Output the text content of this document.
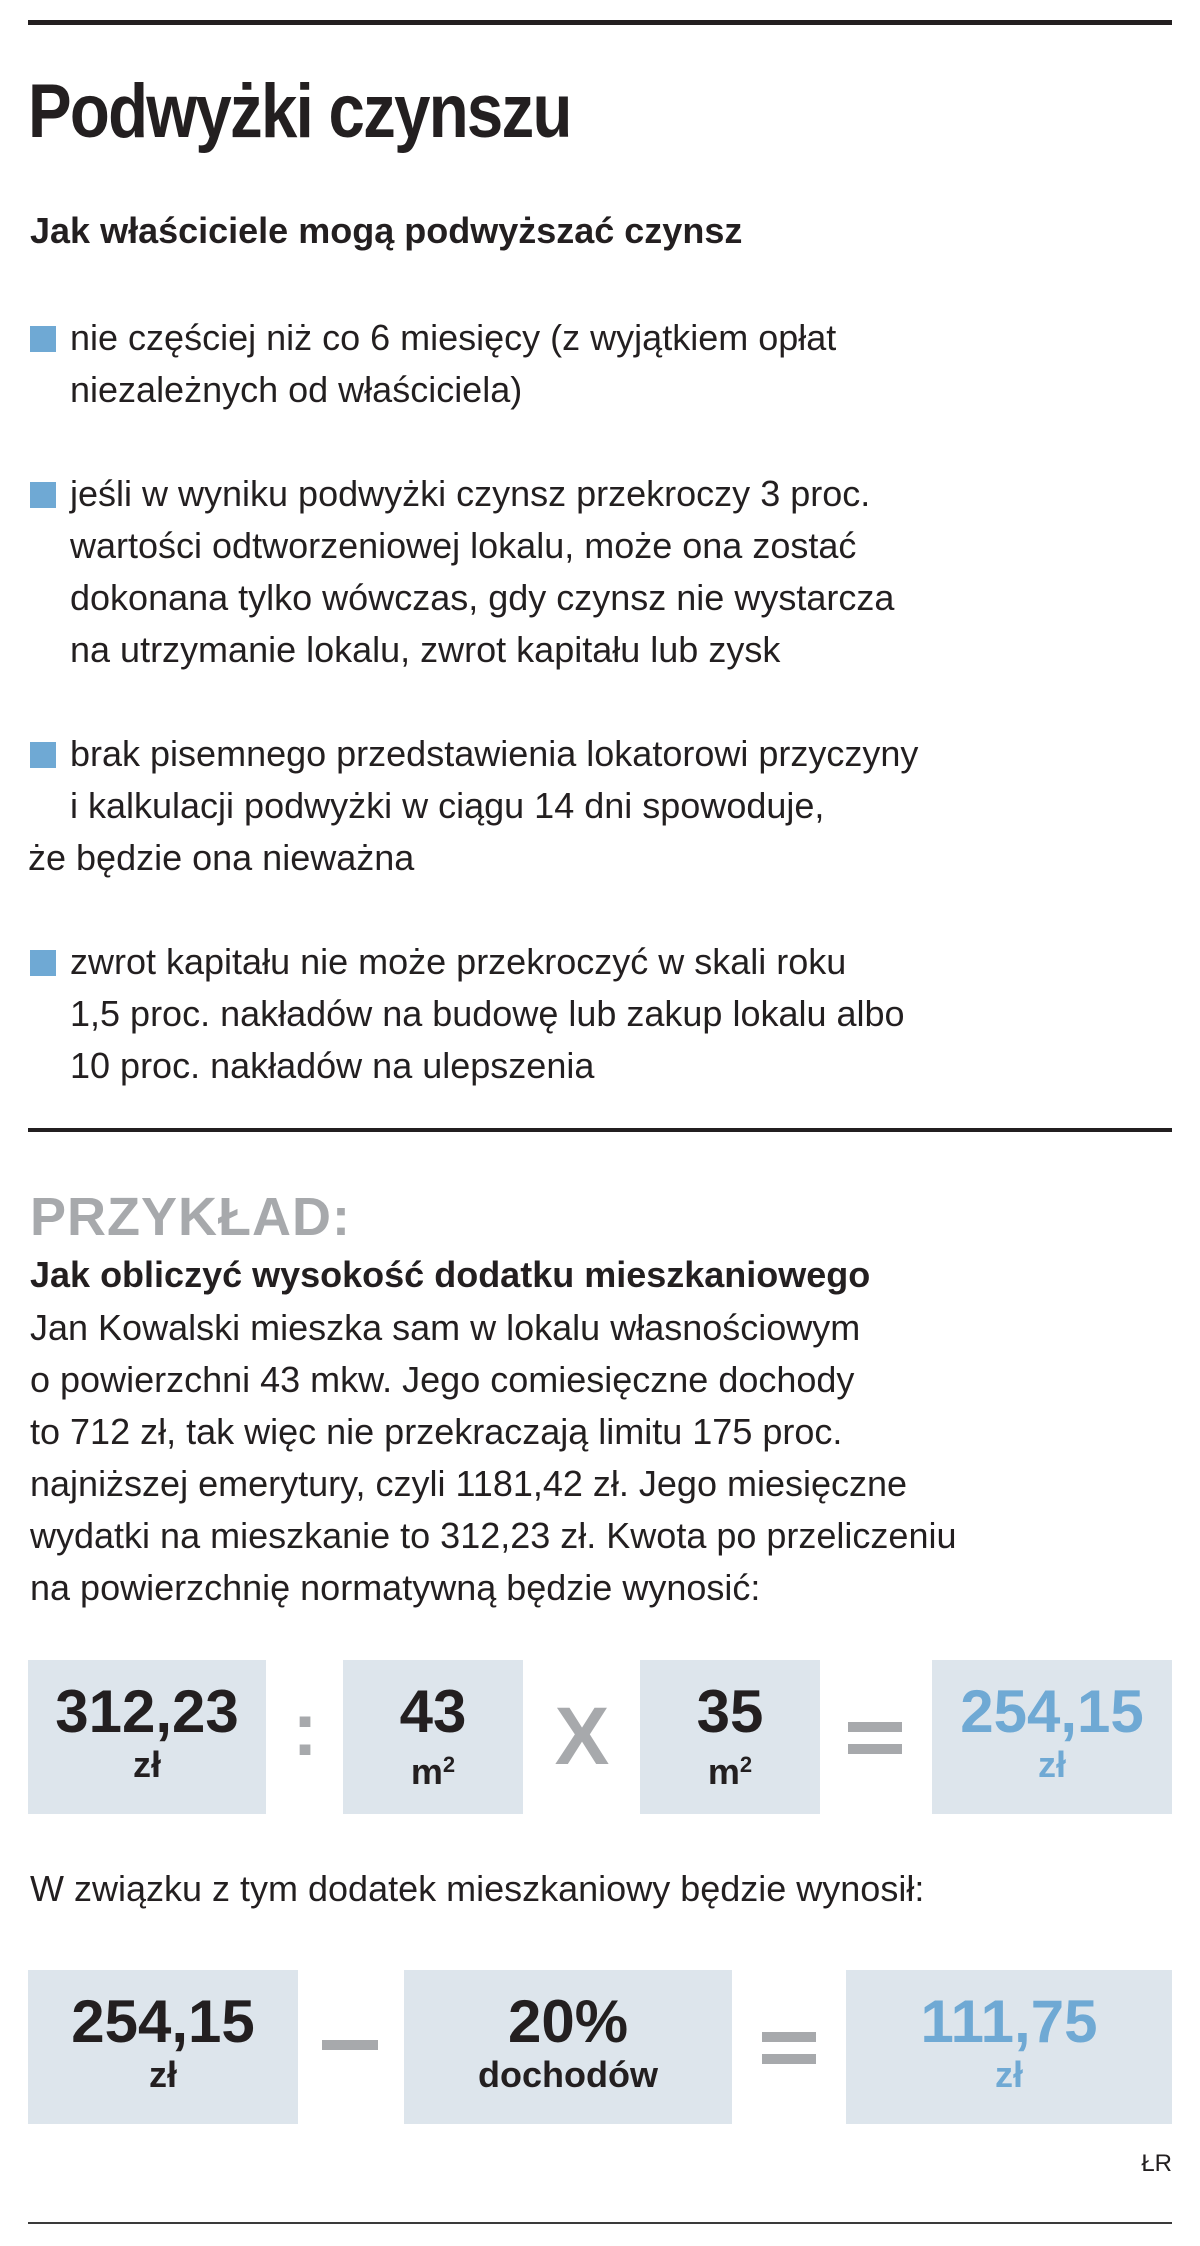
Podwyżki czynszu
Jak właściciele mogą podwyższać czynsz
nie częściej niż co 6 miesięcy (z wyjątkiem opłat
niezależnych od właściciela)
jeśli w wyniku podwyżki czynsz przekroczy 3 proc.
wartości odtworzeniowej lokalu, może ona zostać
dokonana tylko wówczas, gdy czynsz nie wystarcza
na utrzymanie lokalu, zwrot kapitału lub zysk
brak pisemnego przedstawienia lokatorowi przyczyny
i kalkulacji podwyżki w ciągu 14 dni spowoduje,
że będzie ona nieważna
zwrot kapitału nie może przekroczyć w skali roku
1,5 proc. nakładów na budowę lub zakup lokalu albo
10 proc. nakładów na ulepszenia
PRZYKŁAD:
Jak obliczyć wysokość dodatku mieszkaniowego
Jan Kowalski mieszka sam w lokalu własnościowym
o powierzchni 43 mkw. Jego comiesięczne dochody
to 712 zł, tak więc nie przekraczają limitu 175 proc.
najniższej emerytury, czyli 1181,42 zł. Jego miesięczne
wydatki na mieszkanie to 312,23 zł. Kwota po przeliczeniu
na powierzchnię normatywną będzie wynosić:
312,23
zł	:	43
$m^2$	X	35
$m^2$
254,15
zł
W związku z tym dodatek mieszkaniowy będzie wynosił:
254,15
zł
20%
dochodów
111,75
zł
ŁR
